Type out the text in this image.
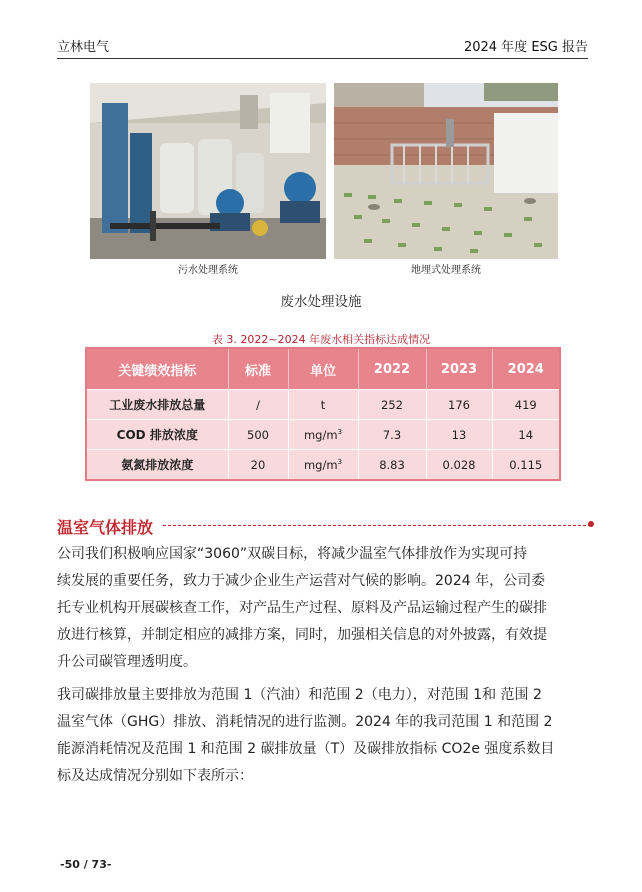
立林电气	2024 年度 ESG 报告
污水处理系统	地埋式处理系统
废水处理设施
表 3. 2022~2024 年废水相关指标达成情况
关键绩效指标	标准	单位	2022	2023	2024
工业废水排放总量	/	t	252	176	419
COD 排放浓度	500	$mg/m^3$	7.3	13	14
氨氮排放浓度	20	$mg/m^3$	8.83	0.028	0.115
温室气体排放
公司我们积极响应国家“3060”双碳目标，将减少温室气体排放作为实现可持
续发展的重要任务，致力于减少企业生产运营对气候的影响。2024 年，公司委
托专业机构开展碳核查工作，对产品生产过程、原料及产品运输过程产生的碳排
放进行核算，并制定相应的减排方案，同时，加强相关信息的对外披露，有效提
升公司碳管理透明度。
我司碳排放量主要排放为范围 1（汽油）和范围 2（电力），对范围 1和 范围 2
温室气体（GHG）排放、消耗情况的进行监测。2024 年的我司范围 1 和范围 2
能源消耗情况及范围 1 和范围 2 碳排放量（T）及碳排放指标 CO2e 强度系数目
标及达成情况分别如下表所示：
-50 / 73-
